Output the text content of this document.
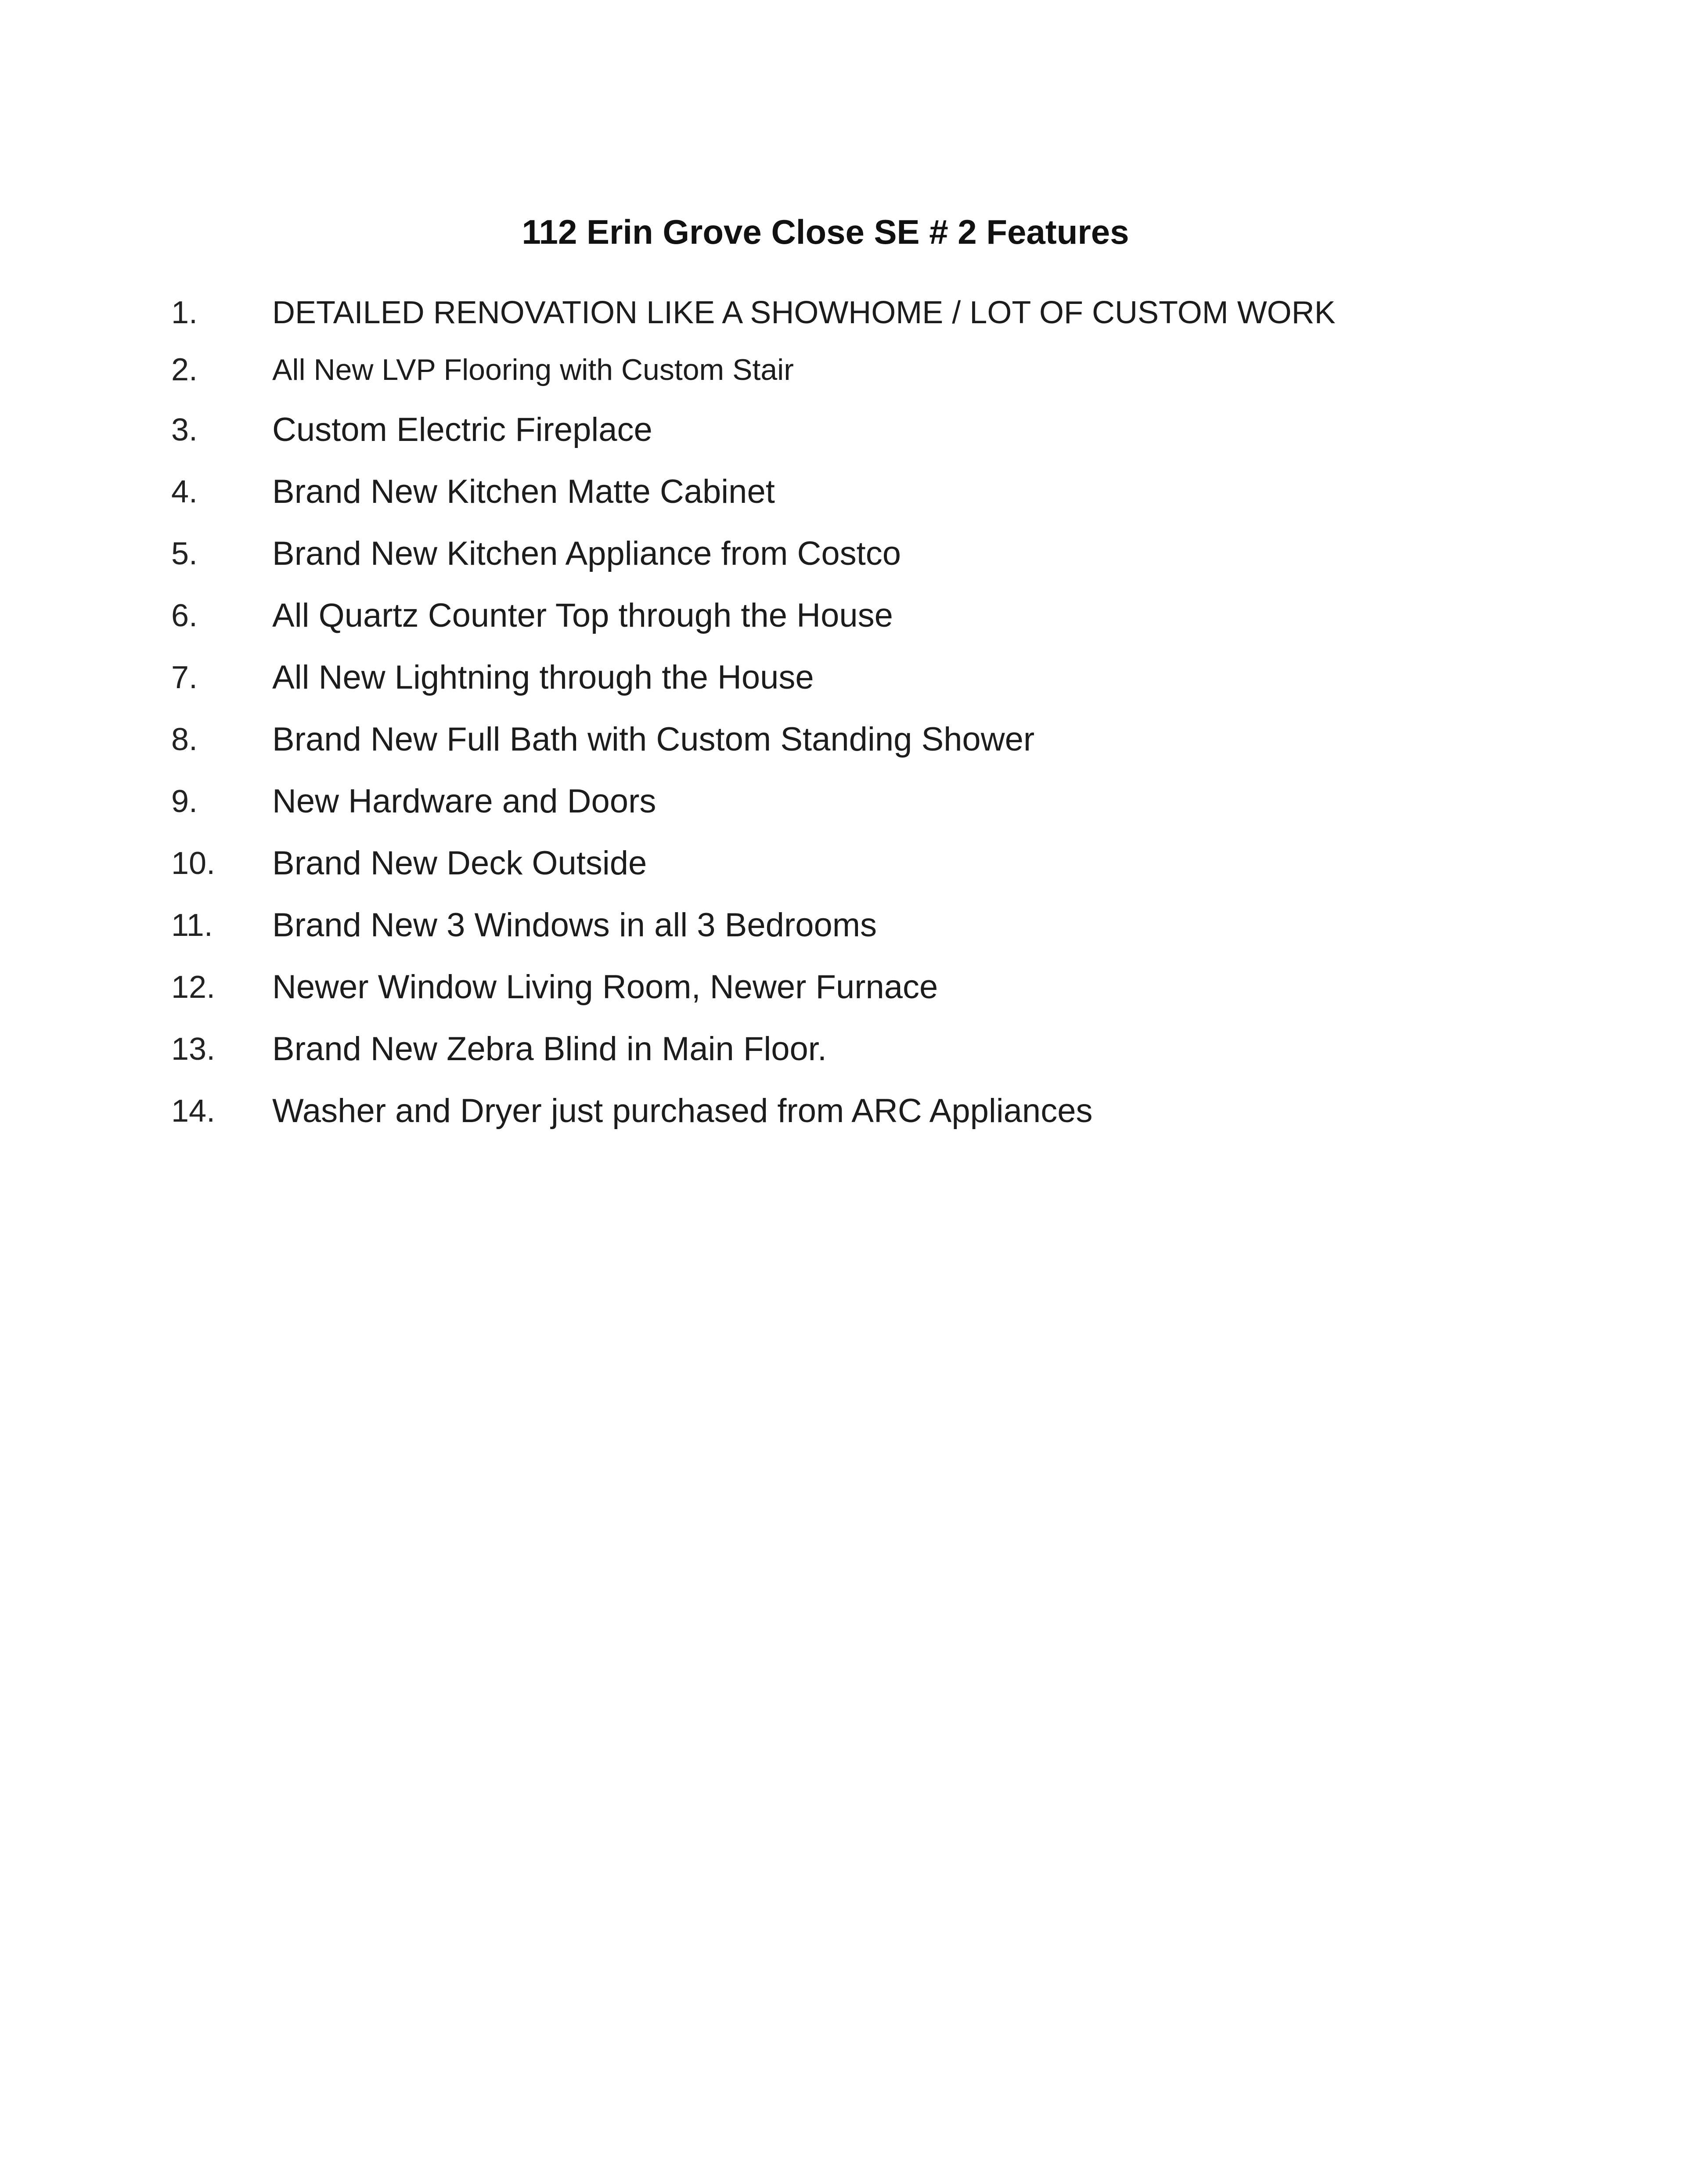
112 Erin Grove Close SE # 2 Features
1.	DETAILED RENOVATION LIKE A SHOWHOME / LOT OF CUSTOM WORK
2.	All New LVP Flooring with Custom Stair
3.	Custom Electric Fireplace
4.	Brand New Kitchen Matte Cabinet
5.	Brand New Kitchen Appliance from Costco
6.	All Quartz Counter Top through the House
7.	All New Lightning through the House
8.	Brand New Full Bath with Custom Standing Shower
9.	New Hardware and Doors
10.	Brand New Deck Outside
11.	Brand New 3 Windows in all 3 Bedrooms
12.	Newer Window Living Room, Newer Furnace
13.	Brand New Zebra Blind in Main Floor.
14.	Washer and Dryer just purchased from ARC Appliances
